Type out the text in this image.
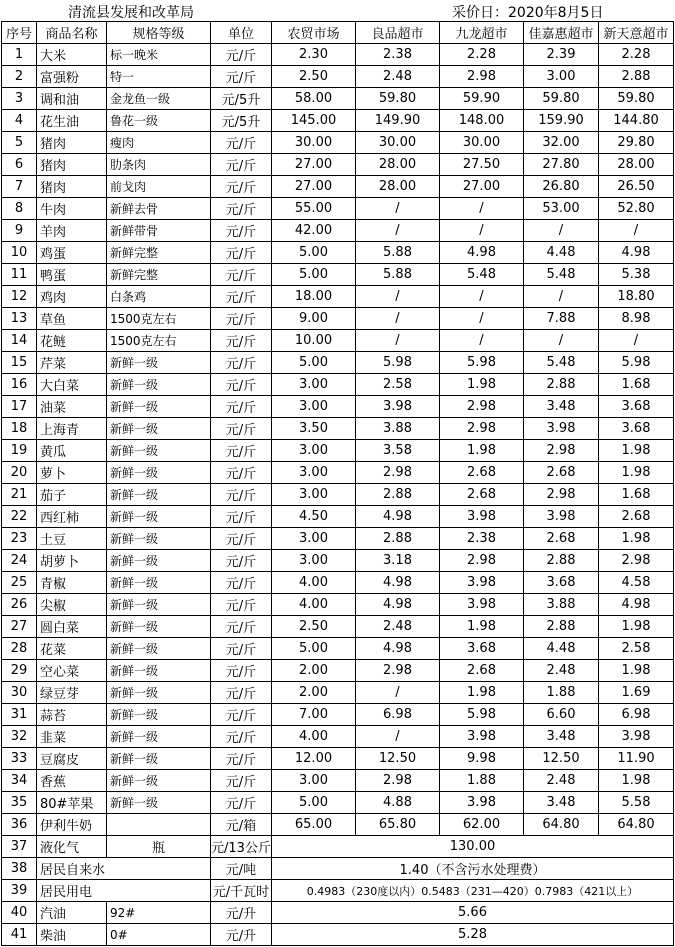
清流县发展和改革局	采价日：2020年8月5日
序号	商品名称	规格等级	单位	农贸市场	良品超市	九龙超市	佳嘉惠超市	新天意超市
1	大米	标一晚米	元/斤	2.30	2.38	2.28	2.39	2.28
2	富强粉	特一	元/斤	2.50	2.48	2.98	3.00	2.88
3	调和油	金龙鱼一级	元/5升	58.00	59.80	59.90	59.80	59.80
4	花生油	鲁花一级	元/5升	145.00	149.90	148.00	159.90	144.80
5	猪肉	瘦肉	元/斤	30.00	30.00	30.00	32.00	29.80
6	猪肉	肋条肉	元/斤	27.00	28.00	27.50	27.80	28.00
7	猪肉	前戈肉	元/斤	27.00	28.00	27.00	26.80	26.50
8	牛肉	新鲜去骨	元/斤	55.00	/	/	53.00	52.80
9	羊肉	新鲜带骨	元/斤	42.00	/	/	/	/
10	鸡蛋	新鲜完整	元/斤	5.00	5.88	4.98	4.48	4.98
11	鸭蛋	新鲜完整	元/斤	5.00	5.88	5.48	5.48	5.38
12	鸡肉	白条鸡	元/斤	18.00	/	/	/	18.80
13	草鱼	1500克左右	元/斤	9.00	/	/	7.88	8.98
14	花鲢	1500克左右	元/斤	10.00	/	/	/	/
15	芹菜	新鲜一级	元/斤	5.00	5.98	5.98	5.48	5.98
16	大白菜	新鲜一级	元/斤	3.00	2.58	1.98	2.88	1.68
17	油菜	新鲜一级	元/斤	3.00	3.98	2.98	3.48	3.68
18	上海青	新鲜一级	元/斤	3.50	3.88	2.98	3.98	3.68
19	黄瓜	新鲜一级	元/斤	3.00	3.58	1.98	2.98	1.98
20	萝卜	新鲜一级	元/斤	3.00	2.98	2.68	2.68	1.98
21	茄子	新鲜一级	元/斤	3.00	2.88	2.68	2.98	1.68
22	西红柿	新鲜一级	元/斤	4.50	4.98	3.98	3.98	2.68
23	土豆	新鲜一级	元/斤	3.00	2.88	2.38	2.68	1.98
24	胡萝卜	新鲜一级	元/斤	3.00	3.18	2.98	2.88	2.98
25	青椒	新鲜一级	元/斤	4.00	4.98	3.98	3.68	4.58
26	尖椒	新鲜一级	元/斤	4.00	4.98	3.98	3.88	4.98
27	圆白菜	新鲜一级	元/斤	2.50	2.48	1.98	2.88	1.98
28	花菜	新鲜一级	元/斤	5.00	4.98	3.68	4.48	2.58
29	空心菜	新鲜一级	元/斤	2.00	2.98	2.68	2.48	1.98
30	绿豆芽	新鲜一级	元/斤	2.00	/	1.98	1.88	1.69
31	蒜苔	新鲜一级	元/斤	7.00	6.98	5.98	6.60	6.98
32	韭菜	新鲜一级	元/斤	4.00	/	3.98	3.48	3.98
33	豆腐皮	新鲜一级	元/斤	12.00	12.50	9.98	12.50	11.90
34	香蕉	新鲜一级	元/斤	3.00	2.98	1.88	2.48	1.98
35	80#苹果	新鲜一级	元/斤	5.00	4.88	3.98	3.48	5.58
36	伊利牛奶		元/箱	65.00	65.80	62.00	64.80	64.80
37	液化气	瓶	元/13公斤	130.00				
38	居民自来水		元/吨	1.40（不含污水处理费）				
39	居民用电		元/千瓦时	0.4983（230度以内）0.5483（231—420）0.7983（421以上）				
40	汽油	92#	元/升	5.66				
41	柴油	0#	元/升	5.28				
